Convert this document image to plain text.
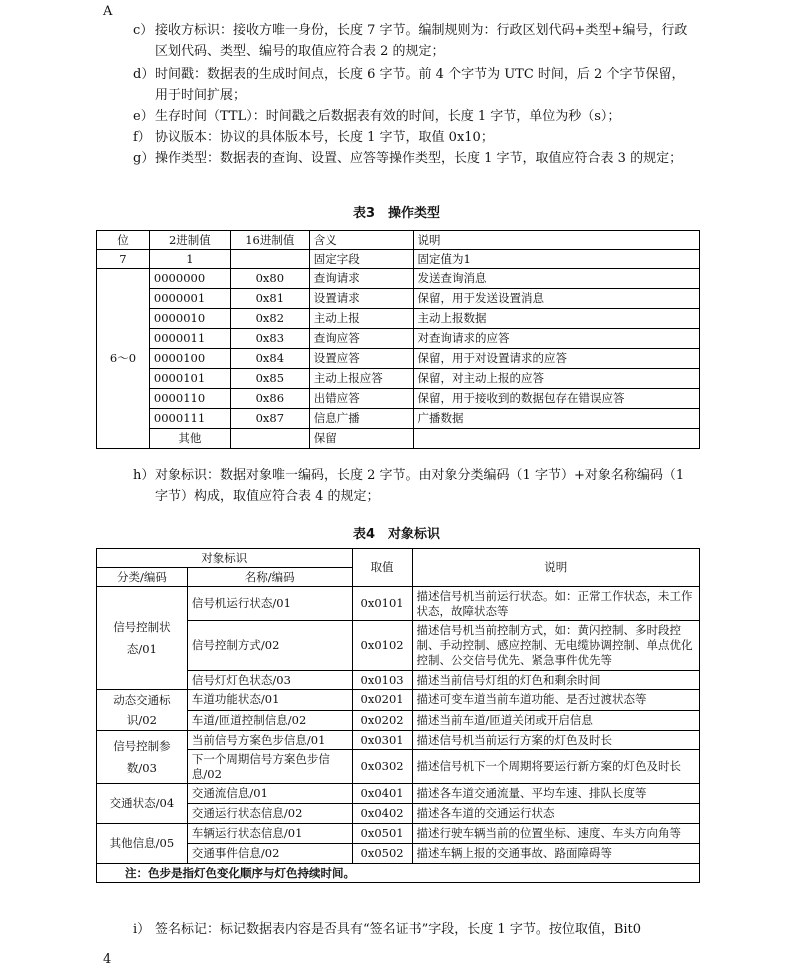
A
c） 接收方标识：接收方唯一身份，长度 7 字节。编制规则为：行政区划代码+类型+编号，行政区划代码、类型、编号的取值应符合表 2 的规定；
d） 时间戳：数据表的生成时间点，长度 6 字节。前 4 个字节为 UTC 时间，后 2 个字节保留，用于时间扩展；
e） 生存时间（TTL）：时间戳之后数据表有效的时间，长度 1 字节，单位为秒（s）；
f） 协议版本：协议的具体版本号，长度 1 字节，取值 0x10；
g） 操作类型：数据表的查询、设置、应答等操作类型，长度 1 字节，取值应符合表 3 的规定；
表3　操作类型
位	2进制值	16进制值	含义	说明
7	1		固定字段	固定值为1
6～0	0000000	0x80	查询请求	发送查询消息
	0000001	0x81	设置请求	保留，用于发送设置消息
	0000010	0x82	主动上报	主动上报数据
	0000011	0x83	查询应答	对查询请求的应答
	0000100	0x84	设置应答	保留，用于对设置请求的应答
	0000101	0x85	主动上报应答	保留，对主动上报的应答
	0000110	0x86	出错应答	保留，用于接收到的数据包存在错误应答
	0000111	0x87	信息广播	广播数据
	其他		保留	
h） 对象标识：数据对象唯一编码，长度 2 字节。由对象分类编码（1 字节）+对象名称编码（1 字节）构成，取值应符合表 4 的规定；
表4　对象标识
对象标识		取值	说明
分类/编码	名称/编码		
信号控制状态/01	信号机运行状态/01	0x0101	描述信号机当前运行状态。如：正常工作状态，未工作状态，故障状态等
	信号控制方式/02	0x0102	描述信号机当前控制方式，如：黄闪控制、多时段控制、手动控制、感应控制、无电缆协调控制、单点优化控制、公交信号优先、紧急事件优先等
	信号灯灯色状态/03	0x0103	描述当前信号灯组的灯色和剩余时间
动态交通标识/02	车道功能状态/01	0x0201	描述可变车道当前车道功能、是否过渡状态等
	车道/匝道控制信息/02	0x0202	描述当前车道/匝道关闭或开启信息
信号控制参数/03	当前信号方案色步信息/01	0x0301	描述信号机当前运行方案的灯色及时长
	下一个周期信号方案色步信息/02	0x0302	描述信号机下一个周期将要运行新方案的灯色及时长
交通状态/04	交通流信息/01	0x0401	描述各车道交通流量、平均车速、排队长度等
	交通运行状态信息/02	0x0402	描述各车道的交通运行状态
其他信息/05	车辆运行状态信息/01	0x0501	描述行驶车辆当前的位置坐标、速度、车头方向角等
	交通事件信息/02	0x0502	描述车辆上报的交通事故、路面障碍等
注：色步是指灯色变化顺序与灯色持续时间。			
i） 签名标记：标记数据表内容是否具有“签名证书”字段，长度 1 字节。按位取值，Bit0
4
